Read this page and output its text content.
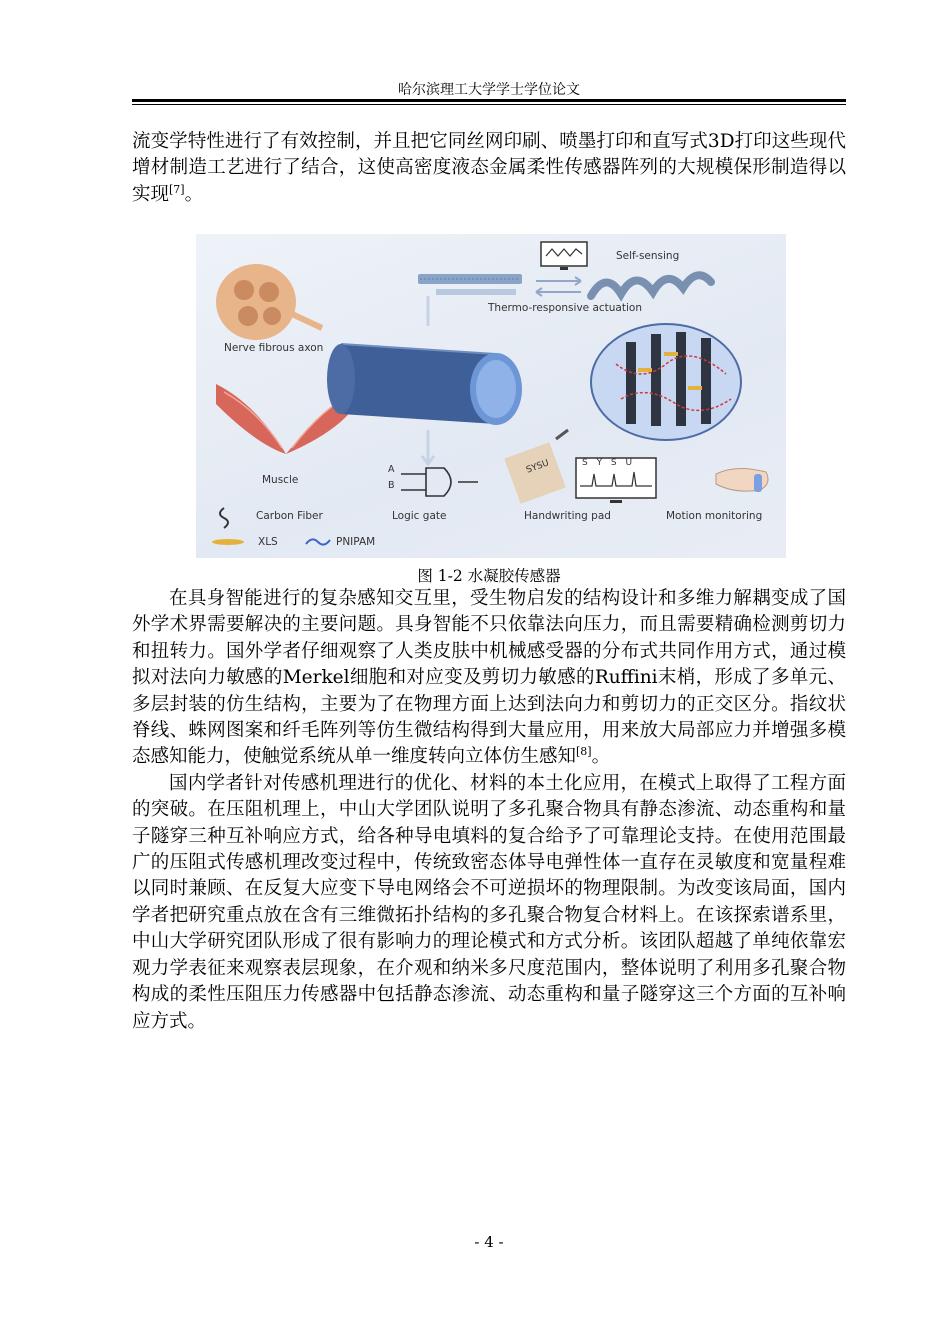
哈尔滨理工大学学士学位论文
流变学特性进行了有效控制，并且把它同丝网印刷、喷墨打印和直写式3D打印这些现代增材制造工艺进行了结合，这使高密度液态金属柔性传感器阵列的大规模保形制造得以实现[7]。
Self-sensing
Thermo-responsive actuation
Nerve fibrous axon
Muscle
Carbon Fiber	Logic gate	Handwriting pad	Motion monitoring
XLS	PNIPAM
A
B
SYSU	S Y S U
图 1-2 水凝胶传感器
在具身智能进行的复杂感知交互里，受生物启发的结构设计和多维力解耦变成了国外学术界需要解决的主要问题。具身智能不只依靠法向压力，而且需要精确检测剪切力和扭转力。国外学者仔细观察了人类皮肤中机械感受器的分布式共同作用方式，通过模拟对法向力敏感的Merkel细胞和对应变及剪切力敏感的Ruffini末梢，形成了多单元、多层封装的仿生结构，主要为了在物理方面上达到法向力和剪切力的正交区分。指纹状脊线、蛛网图案和纤毛阵列等仿生微结构得到大量应用，用来放大局部应力并增强多模态感知能力，使触觉系统从单一维度转向立体仿生感知[8]。
国内学者针对传感机理进行的优化、材料的本土化应用，在模式上取得了工程方面的突破。在压阻机理上，中山大学团队说明了多孔聚合物具有静态渗流、动态重构和量子隧穿三种互补响应方式，给各种导电填料的复合给予了可靠理论支持。在使用范围最广的压阻式传感机理改变过程中，传统致密态体导电弹性体一直存在灵敏度和宽量程难以同时兼顾、在反复大应变下导电网络会不可逆损坏的物理限制。为改变该局面，国内学者把研究重点放在含有三维微拓扑结构的多孔聚合物复合材料上。在该探索谱系里，中山大学研究团队形成了很有影响力的理论模式和方式分析。该团队超越了单纯依靠宏观力学表征来观察表层现象，在介观和纳米多尺度范围内，整体说明了利用多孔聚合物构成的柔性压阻压力传感器中包括静态渗流、动态重构和量子隧穿这三个方面的互补响应方式。
- 4 -
